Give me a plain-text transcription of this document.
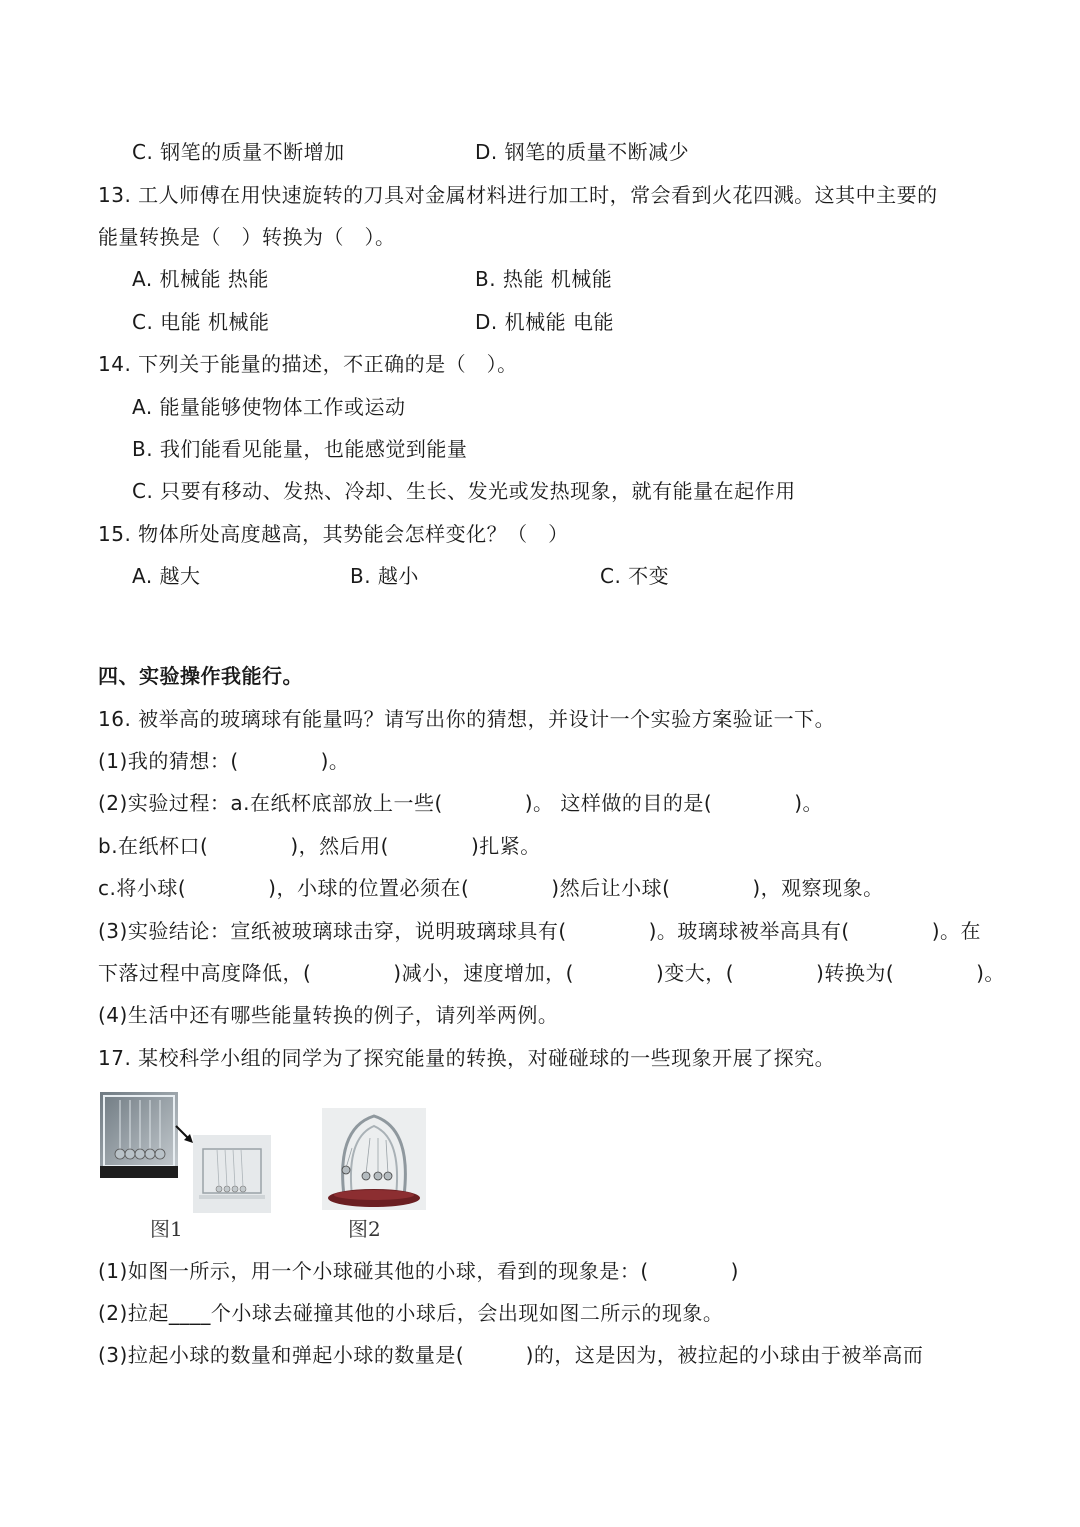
C. 钢笔的质量不断增加	D. 钢笔的质量不断减少
13. 工人师傅在用快速旋转的刀具对金属材料进行加工时，常会看到火花四溅。这其中主要的
能量转换是（　）转换为（　）。
A. 机械能 热能	B. 热能 机械能
C. 电能 机械能	D. 机械能 电能
14. 下列关于能量的描述，不正确的是（　）。
A. 能量能够使物体工作或运动
B. 我们能看见能量，也能感觉到能量
C. 只要有移动、发热、冷却、生长、发光或发热现象，就有能量在起作用
15. 物体所处高度越高，其势能会怎样变化？（　）
A. 越大	B. 越小	C. 不变
四、实验操作我能行。
16. 被举高的玻璃球有能量吗？请写出你的猜想，并设计一个实验方案验证一下。
(1)我的猜想：(　　　　)。
(2)实验过程：a.在纸杯底部放上一些(　　　　)。 这样做的目的是(　　　　)。
b.在纸杯口(　　　　)，然后用(　　　　)扎紧。
c.将小球(　　　　)，小球的位置必须在(　　　　)然后让小球(　　　　)，观察现象。
(3)实验结论：宣纸被玻璃球击穿，说明玻璃球具有(　　　　)。玻璃球被举高具有(　　　　)。在
下落过程中高度降低，(　　　　)减小，速度增加，(　　　　)变大，(　　　　)转换为(　　　　)。
(4)生活中还有哪些能量转换的例子，请列举两例。
17. 某校科学小组的同学为了探究能量的转换，对碰碰球的一些现象开展了探究。
图1	图2
(1)如图一所示，用一个小球碰其他的小球，看到的现象是：(　　　　)
(2)拉起____个小球去碰撞其他的小球后，会出现如图二所示的现象。
(3)拉起小球的数量和弹起小球的数量是(　　　)的，这是因为，被拉起的小球由于被举高而
